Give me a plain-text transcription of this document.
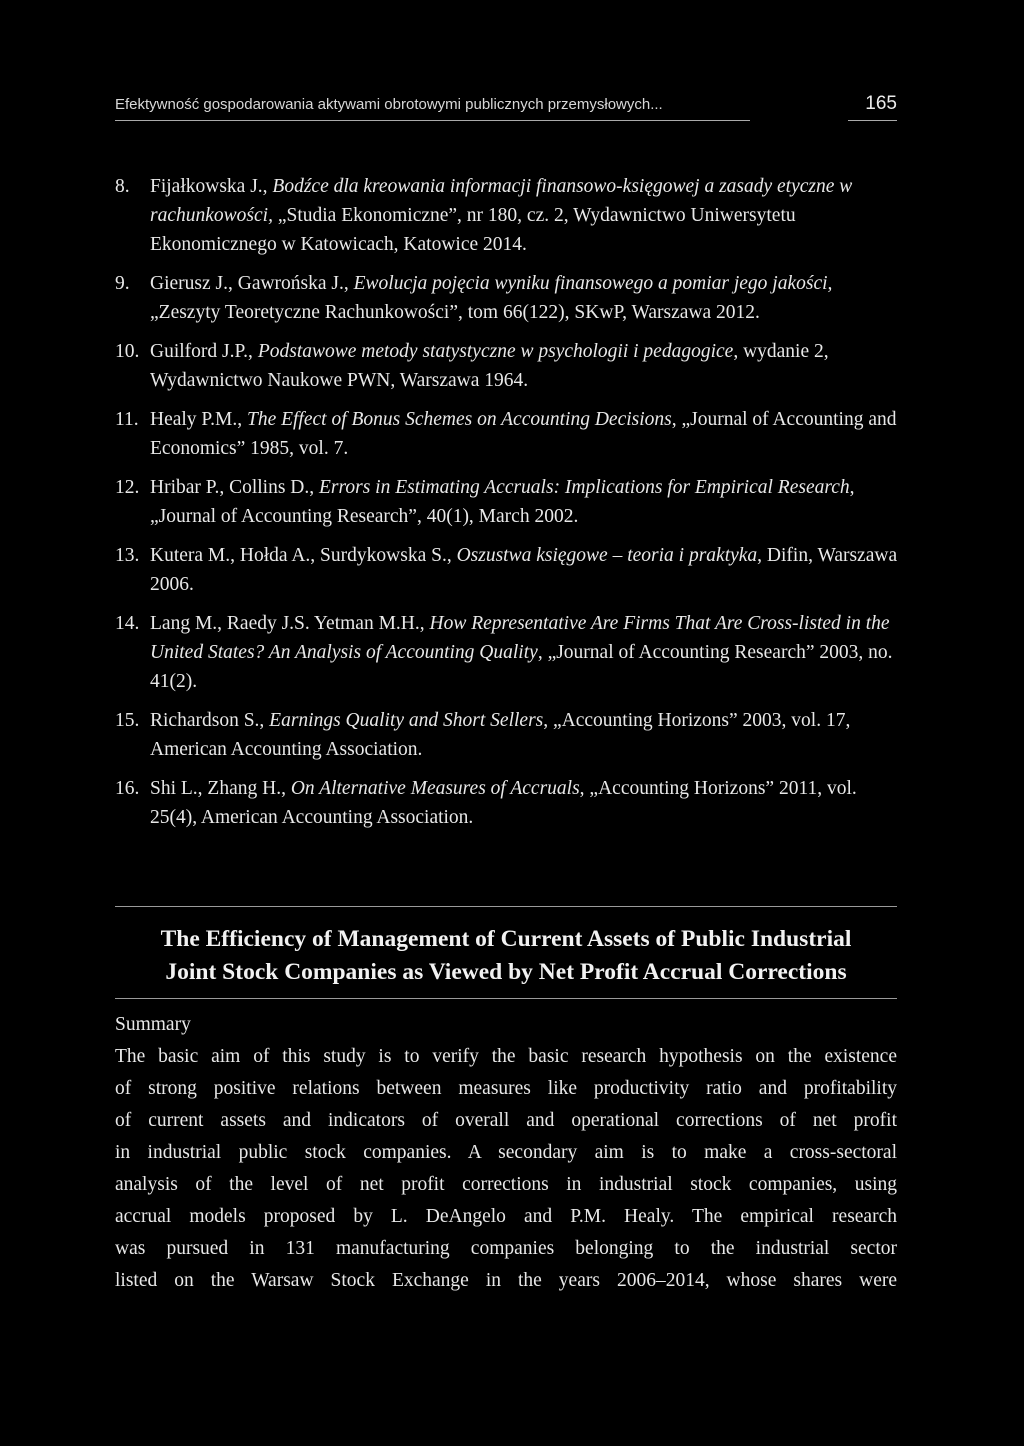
Efektywność gospodarowania aktywami obrotowymi publicznych przemysłowych...	165
8. Fijałkowska J., Bodźce dla kreowania informacji finansowo-księgowej a zasady etyczne w rachunkowości, „Studia Ekonomiczne”, nr 180, cz. 2, Wydawnictwo Uniwersytetu Ekonomicznego w Katowicach, Katowice 2014.
9. Gierusz J., Gawrońska J., Ewolucja pojęcia wyniku finansowego a pomiar jego jakości, „Zeszyty Teoretyczne Rachunkowości”, tom 66(122), SKwP, Warszawa 2012.
10. Guilford J.P., Podstawowe metody statystyczne w psychologii i pedagogice, wydanie 2, Wydawnictwo Naukowe PWN, Warszawa 1964.
11. Healy P.M., The Effect of Bonus Schemes on Accounting Decisions, „Journal of Accounting and Economics” 1985, vol. 7.
12. Hribar P., Collins D., Errors in Estimating Accruals: Implications for Empirical Research, „Journal of Accounting Research”, 40(1), March 2002.
13. Kutera M., Hołda A., Surdykowska S., Oszustwa księgowe – teoria i praktyka, Difin, Warszawa 2006.
14. Lang M., Raedy J.S. Yetman M.H., How Representative Are Firms That Are Cross-listed in the United States? An Analysis of Accounting Quality, „Journal of Accounting Research” 2003, no. 41(2).
15. Richardson S., Earnings Quality and Short Sellers, „Accounting Horizons” 2003, vol. 17, American Accounting Association.
16. Shi L., Zhang H., On Alternative Measures of Accruals, „Accounting Horizons” 2011, vol. 25(4), American Accounting Association.
The Efficiency of Management of Current Assets of Public Industrial
Joint Stock Companies as Viewed by Net Profit Accrual Corrections
Summary
The basic aim of this study is to verify the basic research hypothesis on the existence
of strong positive relations between measures like productivity ratio and profitability
of current assets and indicators of overall and operational corrections of net profit
in industrial public stock companies. A secondary aim is to make a cross-sectoral
analysis of the level of net profit corrections in industrial stock companies, using
accrual models proposed by L. DeAngelo and P.M. Healy. The empirical research
was pursued in 131 manufacturing companies belonging to the industrial sector
listed on the Warsaw Stock Exchange in the years 2006–2014, whose shares were
